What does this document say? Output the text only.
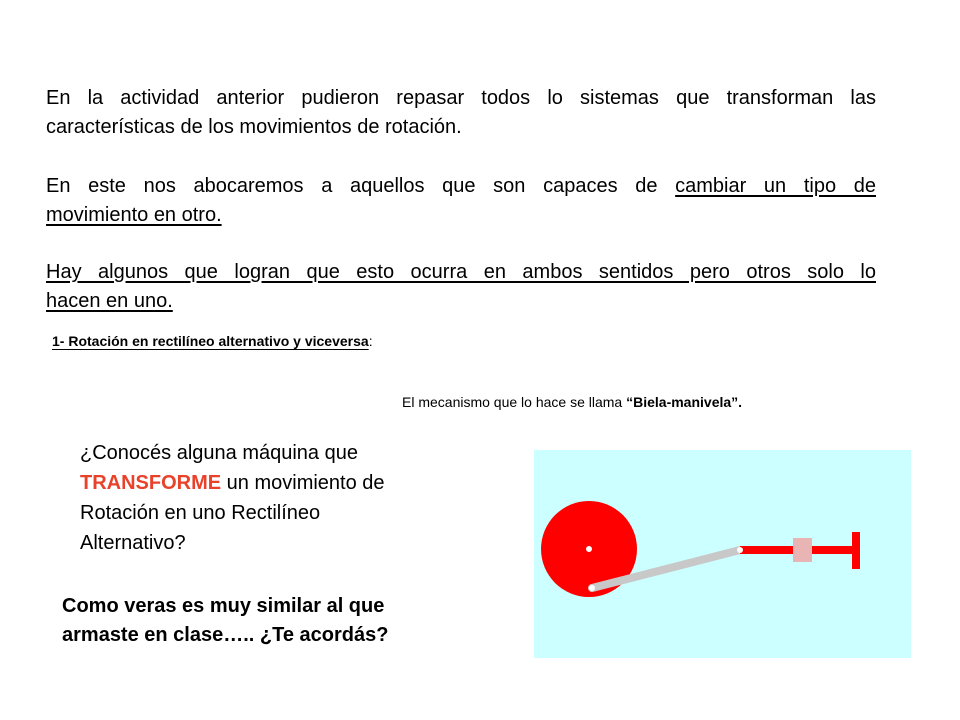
En la actividad anterior pudieron repasar todos lo sistemas que transforman las
características de los movimientos de rotación.
En este nos abocaremos a aquellos que son capaces de cambiar un tipo de
movimiento en otro.
Hay algunos que logran que esto ocurra en ambos sentidos pero otros solo lo
hacen en uno.
1- Rotación en rectilíneo alternativo y viceversa:
El mecanismo que lo hace se llama “Biela-manivela”.
¿Conocés alguna máquina que
TRANSFORME un movimiento de
Rotación en uno Rectilíneo
Alternativo?
Como veras es muy similar al que
armaste en clase….. ¿Te acordás?
